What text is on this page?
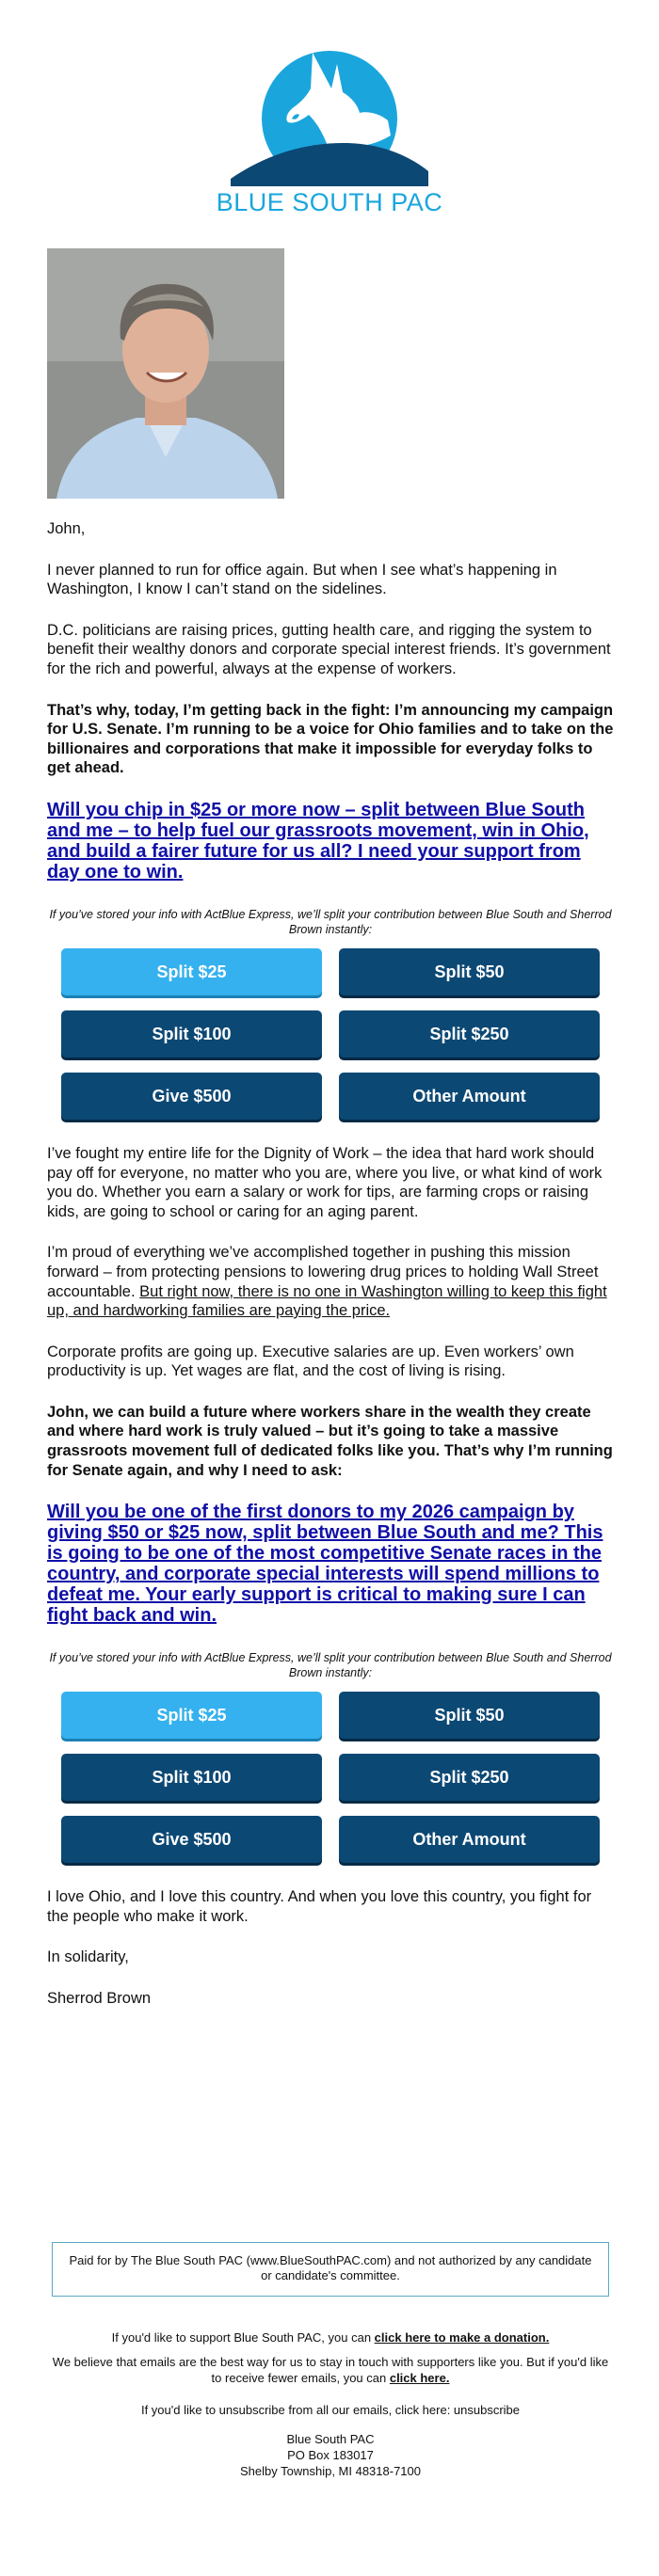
BLUE SOUTH PAC

John,

I never planned to run for office again. But when I see what’s happening in Washington, I know I can’t stand on the sidelines.

D.C. politicians are raising prices, gutting health care, and rigging the system to benefit their wealthy donors and corporate special interest friends. It’s government for the rich and powerful, always at the expense of workers.

That’s why, today, I’m getting back in the fight: I’m announcing my campaign for U.S. Senate. I’m running to be a voice for Ohio families and to take on the billionaires and corporations that make it impossible for everyday folks to get ahead.

Will you chip in $25 or more now – split between Blue South and me – to help fuel our grassroots movement, win in Ohio, and build a fairer future for us all? I need your support from day one to win.
If you’ve stored your info with ActBlue Express, we’ll split your contribution between Blue South and Sherrod Brown instantly:
Split $25	Split $50
Split $100	Split $250
Give $500	Other Amount

I’ve fought my entire life for the Dignity of Work – the idea that hard work should pay off for everyone, no matter who you are, where you live, or what kind of work you do. Whether you earn a salary or work for tips, are farming crops or raising kids, are going to school or caring for an aging parent.

I’m proud of everything we’ve accomplished together in pushing this mission forward – from protecting pensions to lowering drug prices to holding Wall Street accountable. But right now, there is no one in Washington willing to keep this fight up, and hardworking families are paying the price.

Corporate profits are going up. Executive salaries are up. Even workers’ own productivity is up. Yet wages are flat, and the cost of living is rising.

John, we can build a future where workers share in the wealth they create and where hard work is truly valued – but it’s going to take a massive grassroots movement full of dedicated folks like you. That’s why I’m running for Senate again, and why I need to ask:

Will you be one of the first donors to my 2026 campaign by giving $50 or $25 now, split between Blue South and me? This is going to be one of the most competitive Senate races in the country, and corporate special interests will spend millions to defeat me. Your early support is critical to making sure I can fight back and win.
If you’ve stored your info with ActBlue Express, we’ll split your contribution between Blue South and Sherrod Brown instantly:
Split $25	Split $50
Split $100	Split $250
Give $500	Other Amount

I love Ohio, and I love this country. And when you love this country, you fight for the people who make it work.

In solidarity,

Sherrod Brown

Paid for by The Blue South PAC (www.BlueSouthPAC.com) and not authorized by any candidate or candidate's committee.
If you'd like to support Blue South PAC, you can click here to make a donation.
We believe that emails are the best way for us to stay in touch with supporters like you. But if you'd like to receive fewer emails, you can click here.
If you'd like to unsubscribe from all our emails, click here: unsubscribe
Blue South PAC
PO Box 183017
Shelby Township, MI 48318-7100
